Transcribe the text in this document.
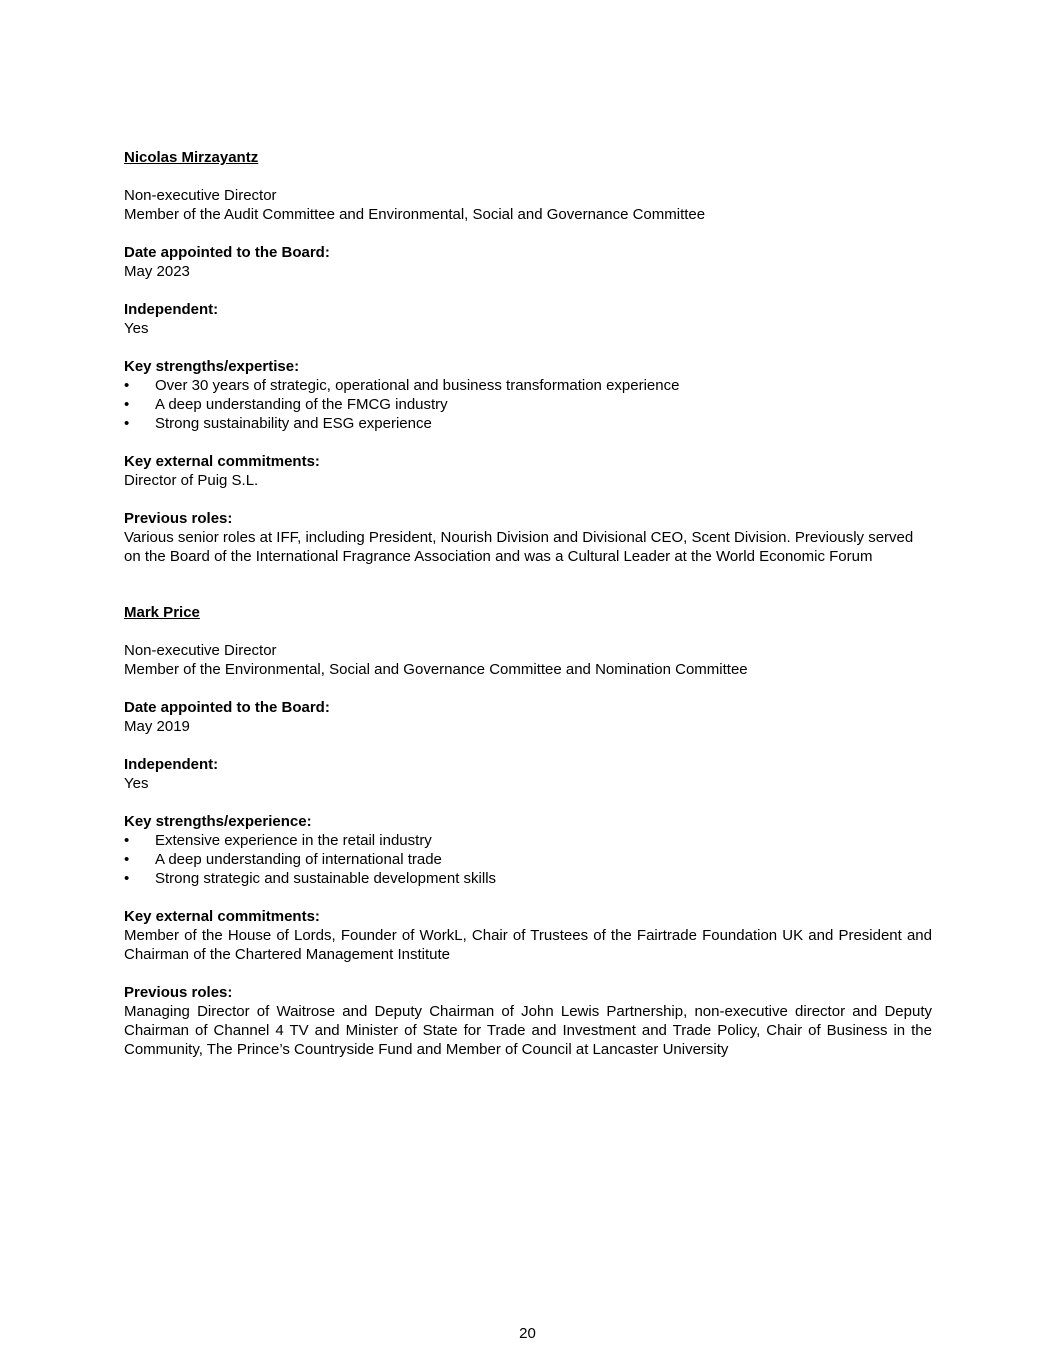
Nicolas Mirzayantz
Non-executive Director
Member of the Audit Committee and Environmental, Social and Governance Committee
Date appointed to the Board:
May 2023
Independent:
Yes
Key strengths/expertise:
• Over 30 years of strategic, operational and business transformation experience
• A deep understanding of the FMCG industry
• Strong sustainability and ESG experience
Key external commitments:
Director of Puig S.L.
Previous roles:
Various senior roles at IFF, including President, Nourish Division and Divisional CEO, Scent Division. Previously served on the Board of the International Fragrance Association and was a Cultural Leader at the World Economic Forum
Mark Price
Non-executive Director
Member of the Environmental, Social and Governance Committee and Nomination Committee
Date appointed to the Board:
May 2019
Independent:
Yes
Key strengths/experience:
• Extensive experience in the retail industry
• A deep understanding of international trade
• Strong strategic and sustainable development skills
Key external commitments:
Member of the House of Lords, Founder of WorkL, Chair of Trustees of the Fairtrade Foundation UK and President and Chairman of the Chartered Management Institute
Previous roles:
Managing Director of Waitrose and Deputy Chairman of John Lewis Partnership, non-executive director and Deputy Chairman of Channel 4 TV and Minister of State for Trade and Investment and Trade Policy, Chair of Business in the Community, The Prince’s Countryside Fund and Member of Council at Lancaster University
20
